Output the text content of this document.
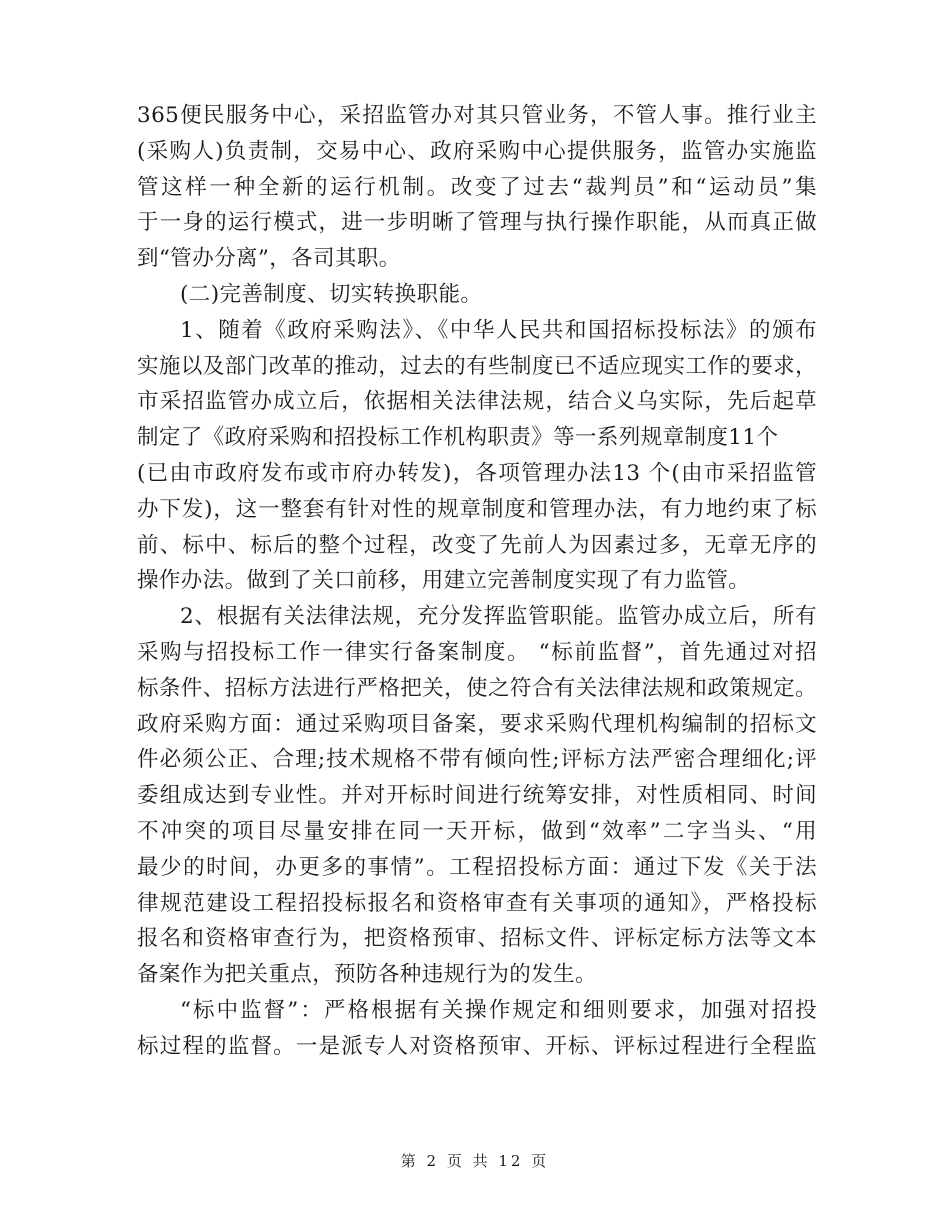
365便民服务中心，采招监管办对其只管业务，不管人事。推行业主
(采购人)负责制，交易中心、政府采购中心提供服务，监管办实施监
管这样一种全新的运行机制。改变了过去“裁判员”和“运动员”集
于一身的运行模式，进一步明晰了管理与执行操作职能，从而真正做
到“管办分离”，各司其职。
(二)完善制度、切实转换职能。
1、随着《政府采购法》、《中华人民共和国招标投标法》的颁布
实施以及部门改革的推动，过去的有些制度已不适应现实工作的要求，
市采招监管办成立后，依据相关法律法规，结合义乌实际，先后起草
制定了《政府采购和招投标工作机构职责》等一系列规章制度11个
(已由市政府发布或市府办转发)，各项管理办法13 个(由市采招监管
办下发)，这一整套有针对性的规章制度和管理办法，有力地约束了标
前、标中、标后的整个过程，改变了先前人为因素过多，无章无序的
操作办法。做到了关口前移，用建立完善制度实现了有力监管。
2、根据有关法律法规，充分发挥监管职能。监管办成立后，所有
采购与招投标工作一律实行备案制度。 “标前监督”，首先通过对招
标条件、招标方法进行严格把关，使之符合有关法律法规和政策规定。
政府采购方面：通过采购项目备案，要求采购代理机构编制的招标文
件必须公正、合理;技术规格不带有倾向性;评标方法严密合理细化;评
委组成达到专业性。并对开标时间进行统筹安排，对性质相同、时间
不冲突的项目尽量安排在同一天开标，做到“效率”二字当头、“用
最少的时间，办更多的事情”。工程招投标方面：通过下发《关于法
律规范建设工程招投标报名和资格审查有关事项的通知》，严格投标
报名和资格审查行为，把资格预审、招标文件、评标定标方法等文本
备案作为把关重点，预防各种违规行为的发生。
“标中监督”：严格根据有关操作规定和细则要求，加强对招投
标过程的监督。一是派专人对资格预审、开标、评标过程进行全程监
第 2 页 共 12 页
